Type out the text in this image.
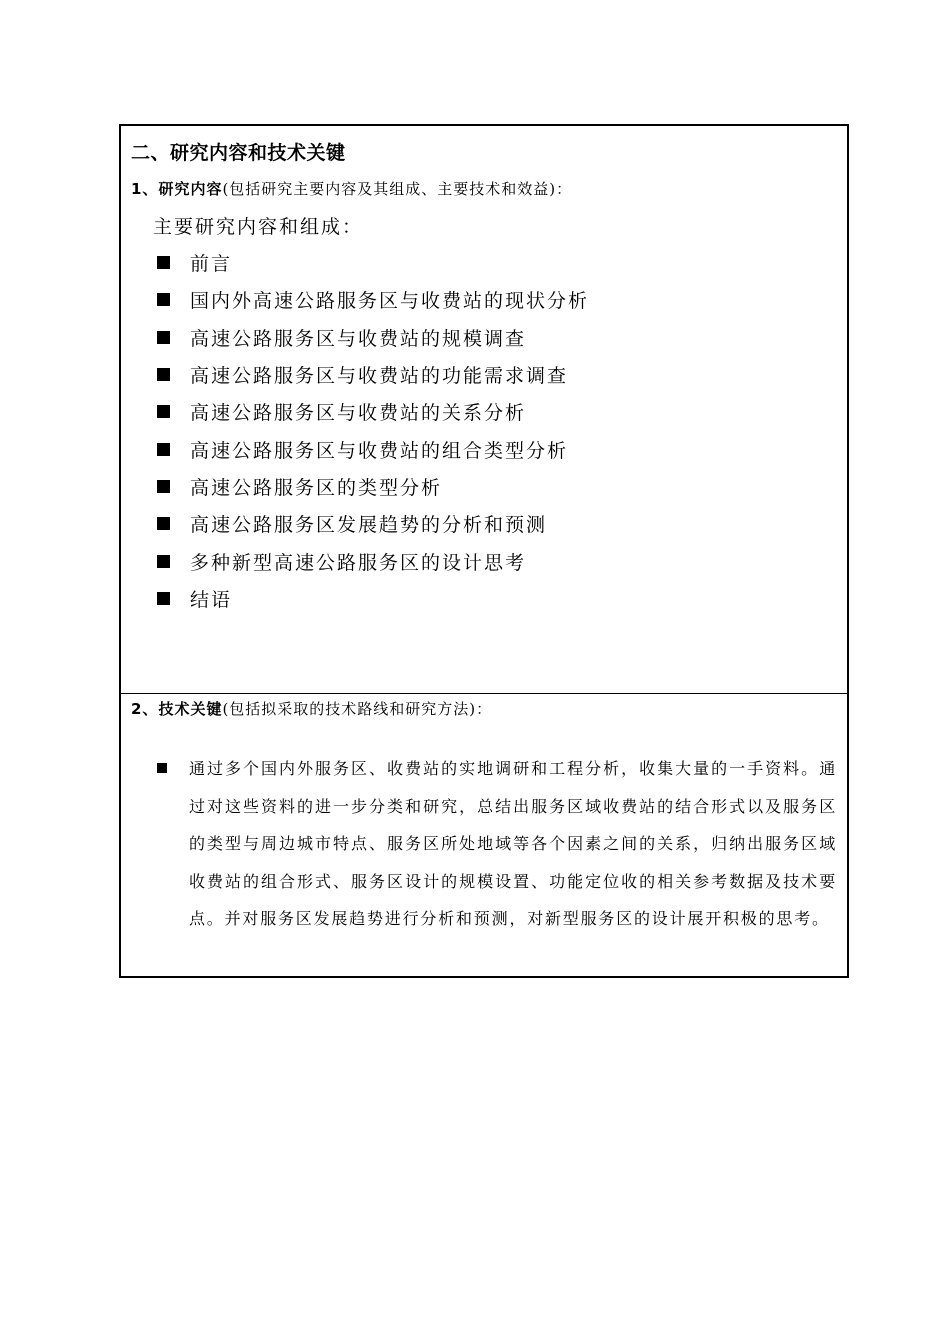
二、研究内容和技术关键
1、研究内容(包括研究主要内容及其组成、主要技术和效益)：
主要研究内容和组成：
前言
国内外高速公路服务区与收费站的现状分析
高速公路服务区与收费站的规模调查
高速公路服务区与收费站的功能需求调查
高速公路服务区与收费站的关系分析
高速公路服务区与收费站的组合类型分析
高速公路服务区的类型分析
高速公路服务区发展趋势的分析和预测
多种新型高速公路服务区的设计思考
结语
2、技术关键(包括拟采取的技术路线和研究方法)：
通过多个国内外服务区、收费站的实地调研和工程分析，收集大量的一手资料。通过对这些资料的进一步分类和研究，总结出服务区域收费站的结合形式以及服务区的类型与周边城市特点、服务区所处地域等各个因素之间的关系，归纳出服务区域收费站的组合形式、服务区设计的规模设置、功能定位收的相关参考数据及技术要点。并对服务区发展趋势进行分析和预测，对新型服务区的设计展开积极的思考。
